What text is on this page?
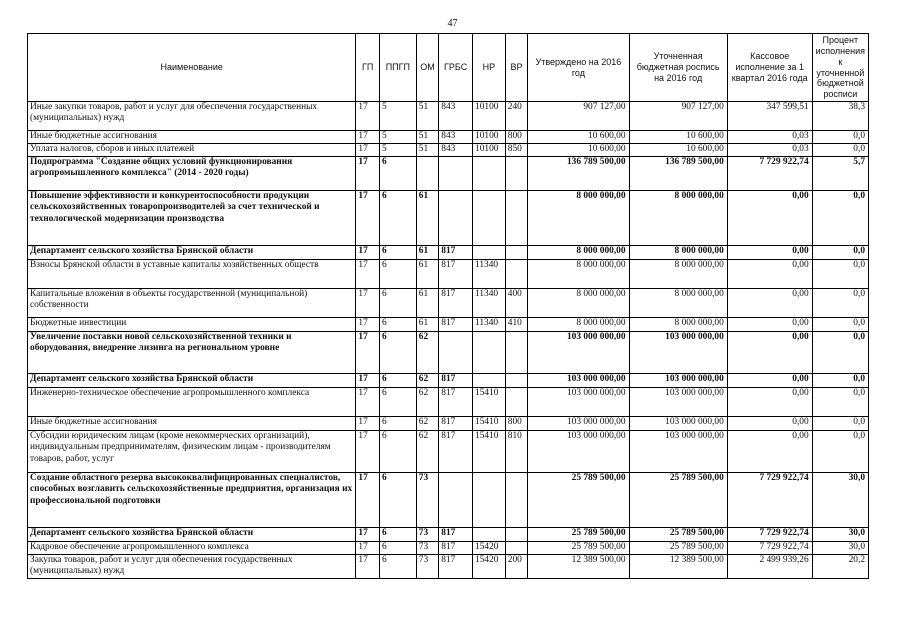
47
Наименование	ГП	ППГП	ОМ	ГРБС	НР	ВР	Утверждено на 2016 год	Уточненная бюджетная роспись на 2016 год	Кассовое исполнение за 1 квартал 2016 года	Процент исполнения к уточненной бюджетной росписи
Иные закупки товаров, работ и услуг для обеспечения государственных (муниципальных) нужд	17	5	51	843	10100	240	907 127,00	907 127,00	347 599,51	38,3
Иные бюджетные ассигнования	17	5	51	843	10100	800	10 600,00	10 600,00	0,03	0,0
Уплата налогов, сборов и иных платежей	17	5	51	843	10100	850	10 600,00	10 600,00	0,03	0,0
Подпрограмма "Создание общих условий функционирования агропромышленного комплекса" (2014 - 2020 годы)	17	6					136 789 500,00	136 789 500,00	7 729 922,74	5,7
Повышение эффективности и конкурентоспособности продукции сельскохозяйственных товаропроизводителей за счет технической и технологической модернизации производства	17	6	61				8 000 000,00	8 000 000,00	0,00	0,0
Департамент сельского хозяйства Брянской области	17	6	61	817			8 000 000,00	8 000 000,00	0,00	0,0
Взносы Брянской области в уставные капиталы хозяйственных обществ	17	6	61	817	11340		8 000 000,00	8 000 000,00	0,00	0,0
Капитальные вложения в объекты государственной (муниципальной) собственности	17	6	61	817	11340	400	8 000 000,00	8 000 000,00	0,00	0,0
Бюджетные инвестиции	17	6	61	817	11340	410	8 000 000,00	8 000 000,00	0,00	0,0
Увеличение поставки новой сельскохозяйственной техники и оборудования, внедрение лизинга на региональном уровне	17	6	62				103 000 000,00	103 000 000,00	0,00	0,0
Департамент сельского хозяйства Брянской области	17	6	62	817			103 000 000,00	103 000 000,00	0,00	0,0
Инженерно-техническое обеспечение агропромышленного комплекса	17	6	62	817	15410		103 000 000,00	103 000 000,00	0,00	0,0
Иные бюджетные ассигнования	17	6	62	817	15410	800	103 000 000,00	103 000 000,00	0,00	0,0
Субсидии юридическим лицам (кроме некоммерческих организаций), индивидуальным предпринимателям, физическим лицам - производителям товаров, работ, услуг	17	6	62	817	15410	810	103 000 000,00	103 000 000,00	0,00	0,0
Создание областного резерва высококвалифицированных специалистов, способных возглавить сельскохозяйственные предприятия, организация их профессиональной подготовки	17	6	73				25 789 500,00	25 789 500,00	7 729 922,74	30,0
Департамент сельского хозяйства Брянской области	17	6	73	817			25 789 500,00	25 789 500,00	7 729 922,74	30,0
Кадровое обеспечение агропромышленного комплекса	17	6	73	817	15420		25 789 500,00	25 789 500,00	7 729 922,74	30,0
Закупка товаров, работ и услуг для обеспечения государственных (муниципальных) нужд	17	6	73	817	15420	200	12 389 500,00	12 389 500,00	2 499 939,26	20,2
